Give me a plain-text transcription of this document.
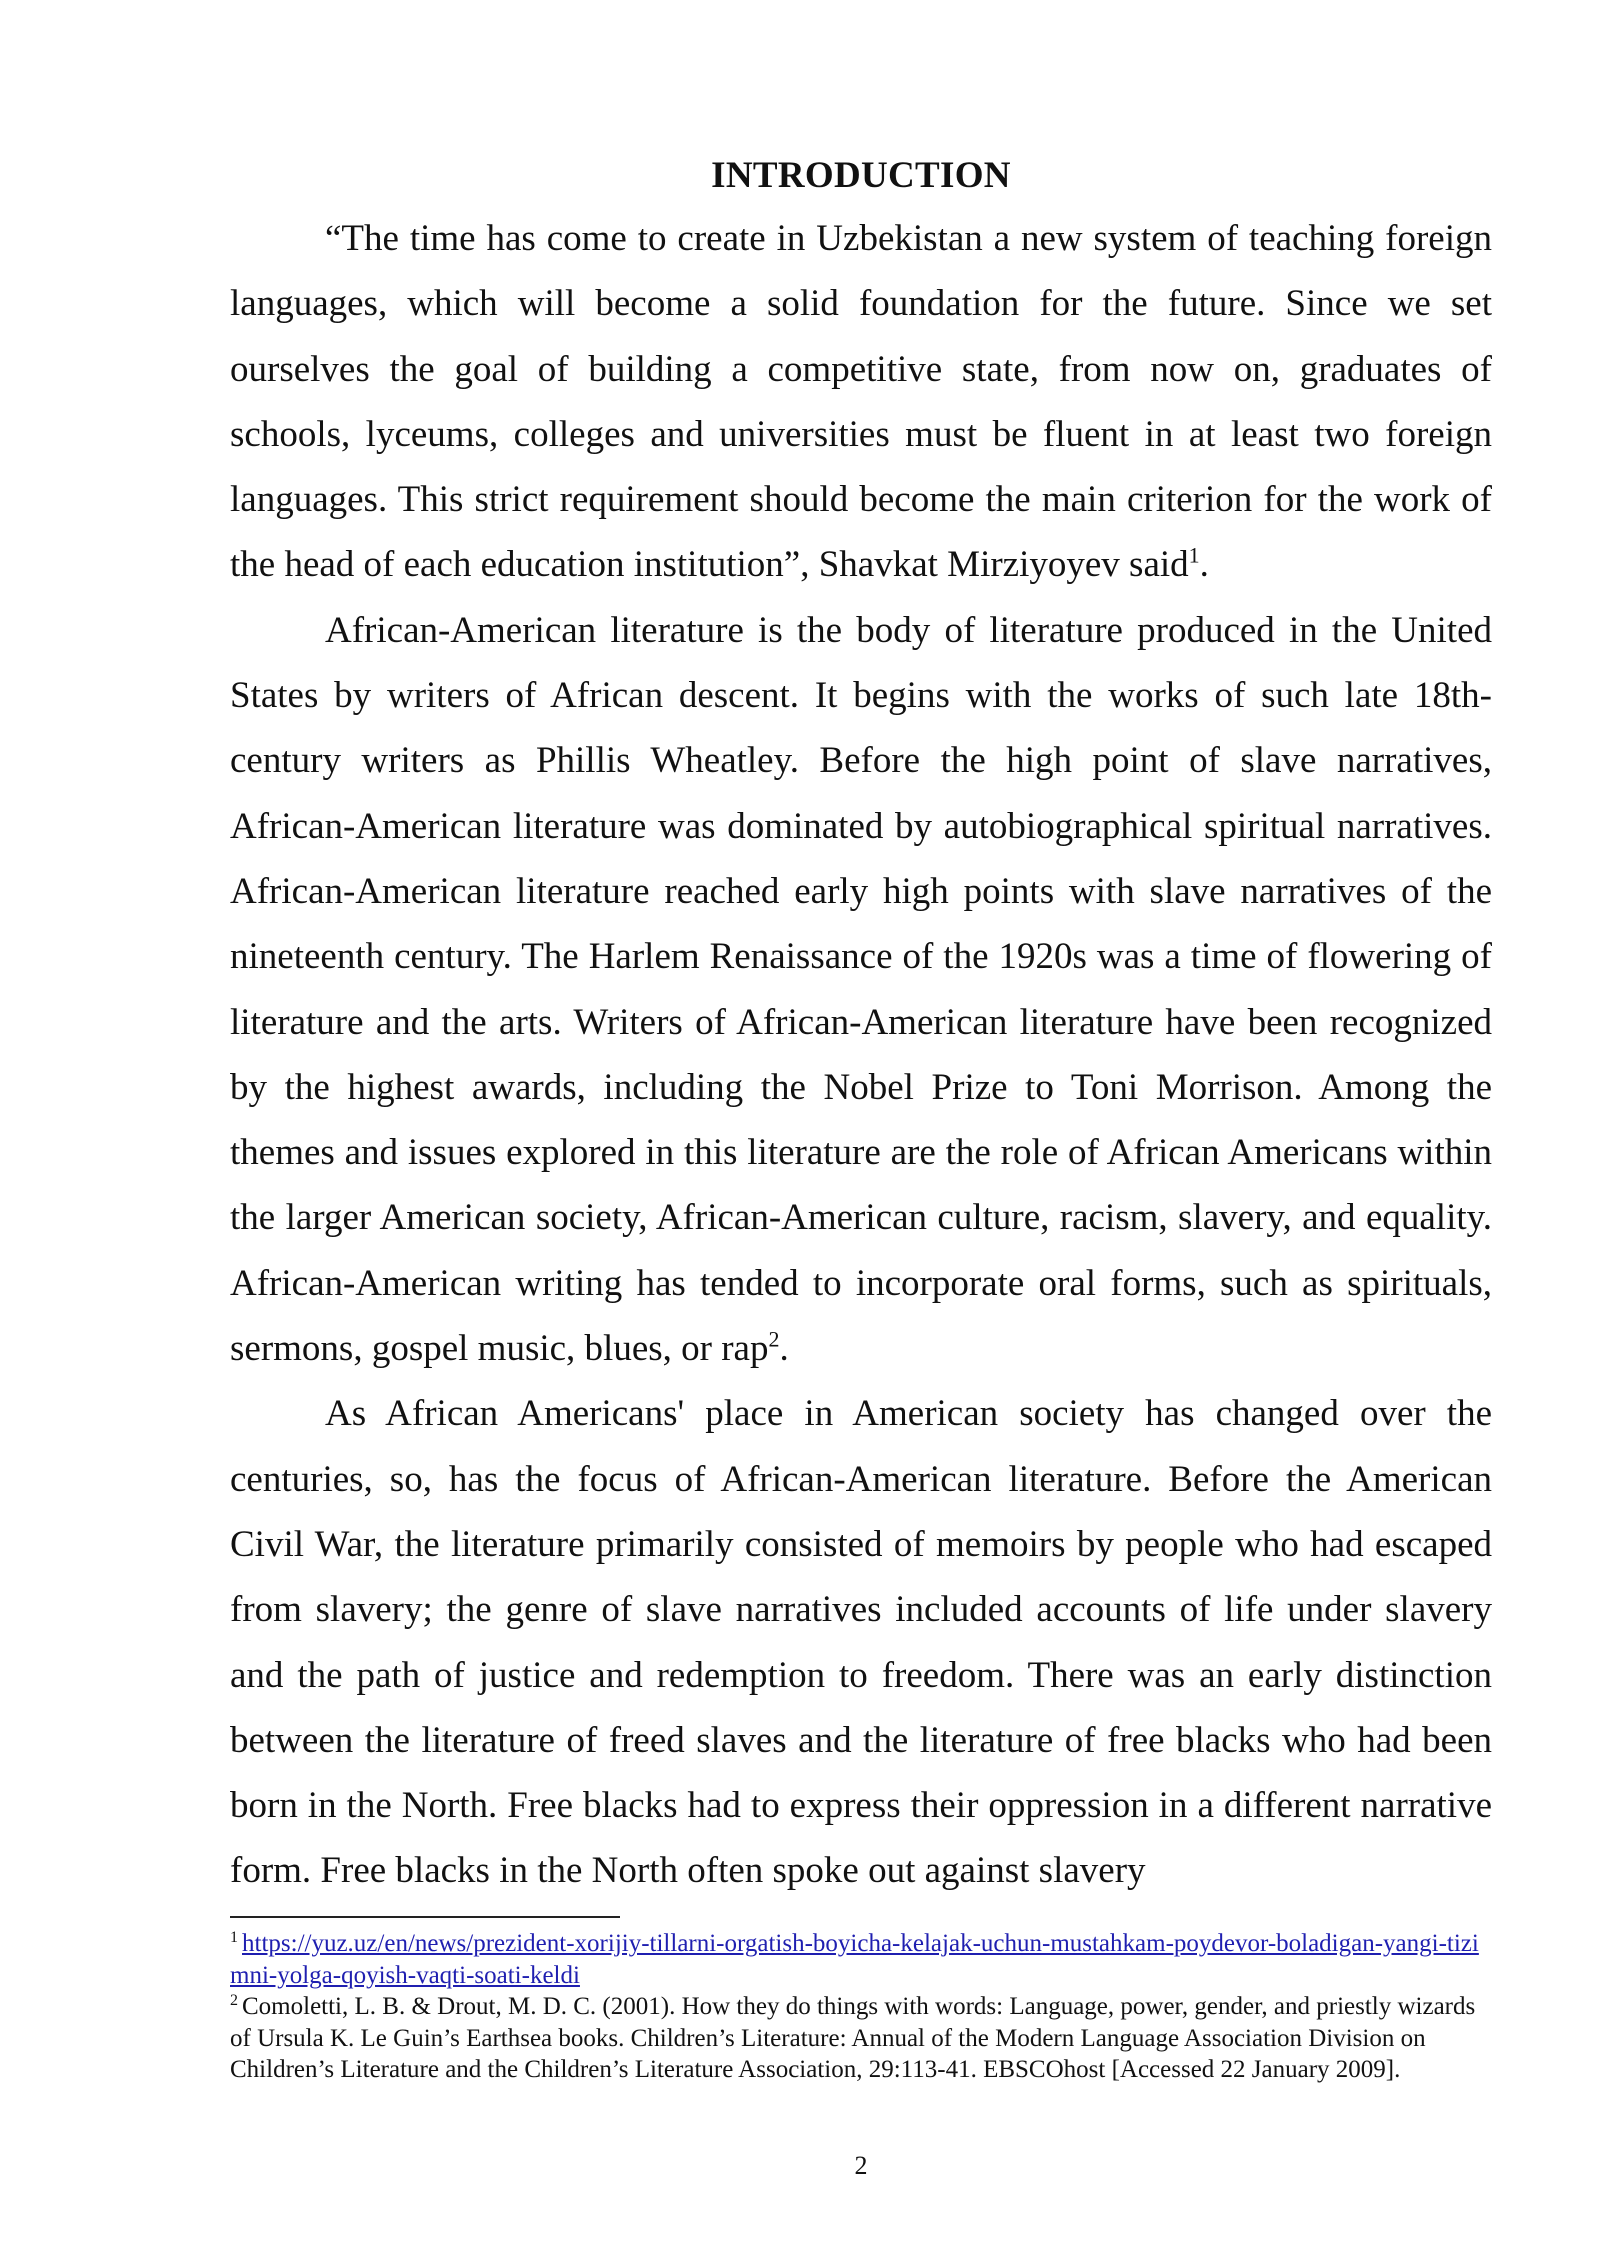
INTRODUCTION

“The time has come to create in Uzbekistan a new system of teaching foreign languages, which will become a solid foundation for the future. Since we set ourselves the goal of building a competitive state, from now on, graduates of schools, lyceums, colleges and universities must be fluent in at least two foreign languages. This strict requirement should become the main criterion for the work of the head of each education institution”, Shavkat Mirziyoyev said$^1$.

African-American literature is the body of literature produced in the United States by writers of African descent. It begins with the works of such late 18th-century writers as Phillis Wheatley. Before the high point of slave narratives, African-American literature was dominated by autobiographical spiritual narratives. African-American literature reached early high points with slave narratives of the nineteenth century. The Harlem Renaissance of the 1920s was a time of flowering of literature and the arts. Writers of African-American literature have been recognized by the highest awards, including the Nobel Prize to Toni Morrison. Among the themes and issues explored in this literature are the role of African Americans within the larger American society, African-American culture, racism, slavery, and equality. African-American writing has tended to incorporate oral forms, such as spirituals, sermons, gospel music, blues, or rap$^2$.

As African Americans' place in American society has changed over the centuries, so, has the focus of African-American literature. Before the American Civil War, the literature primarily consisted of memoirs by people who had escaped from slavery; the genre of slave narratives included accounts of life under slavery and the path of justice and redemption to freedom. There was an early distinction between the literature of freed slaves and the literature of free blacks who had been born in the North. Free blacks had to express their oppression in a different narrative form. Free blacks in the North often spoke out against slavery

$^1$ https://yuz.uz/en/news/prezident-xorijiy-tillarni-orgatish-boyicha-kelajak-uchun-mustahkam-poydevor-boladigan-yangi-tizimni-yolga-qoyish-vaqti-soati-keldi

$^2$ Comoletti, L. B. & Drout, M. D. C. (2001). How they do things with words: Language, power, gender, and priestly wizards of Ursula K. Le Guin’s Earthsea books. Children’s Literature: Annual of the Modern Language Association Division on Children’s Literature and the Children’s Literature Association, 29:113-41. EBSCOhost [Accessed 22 January 2009].

2
